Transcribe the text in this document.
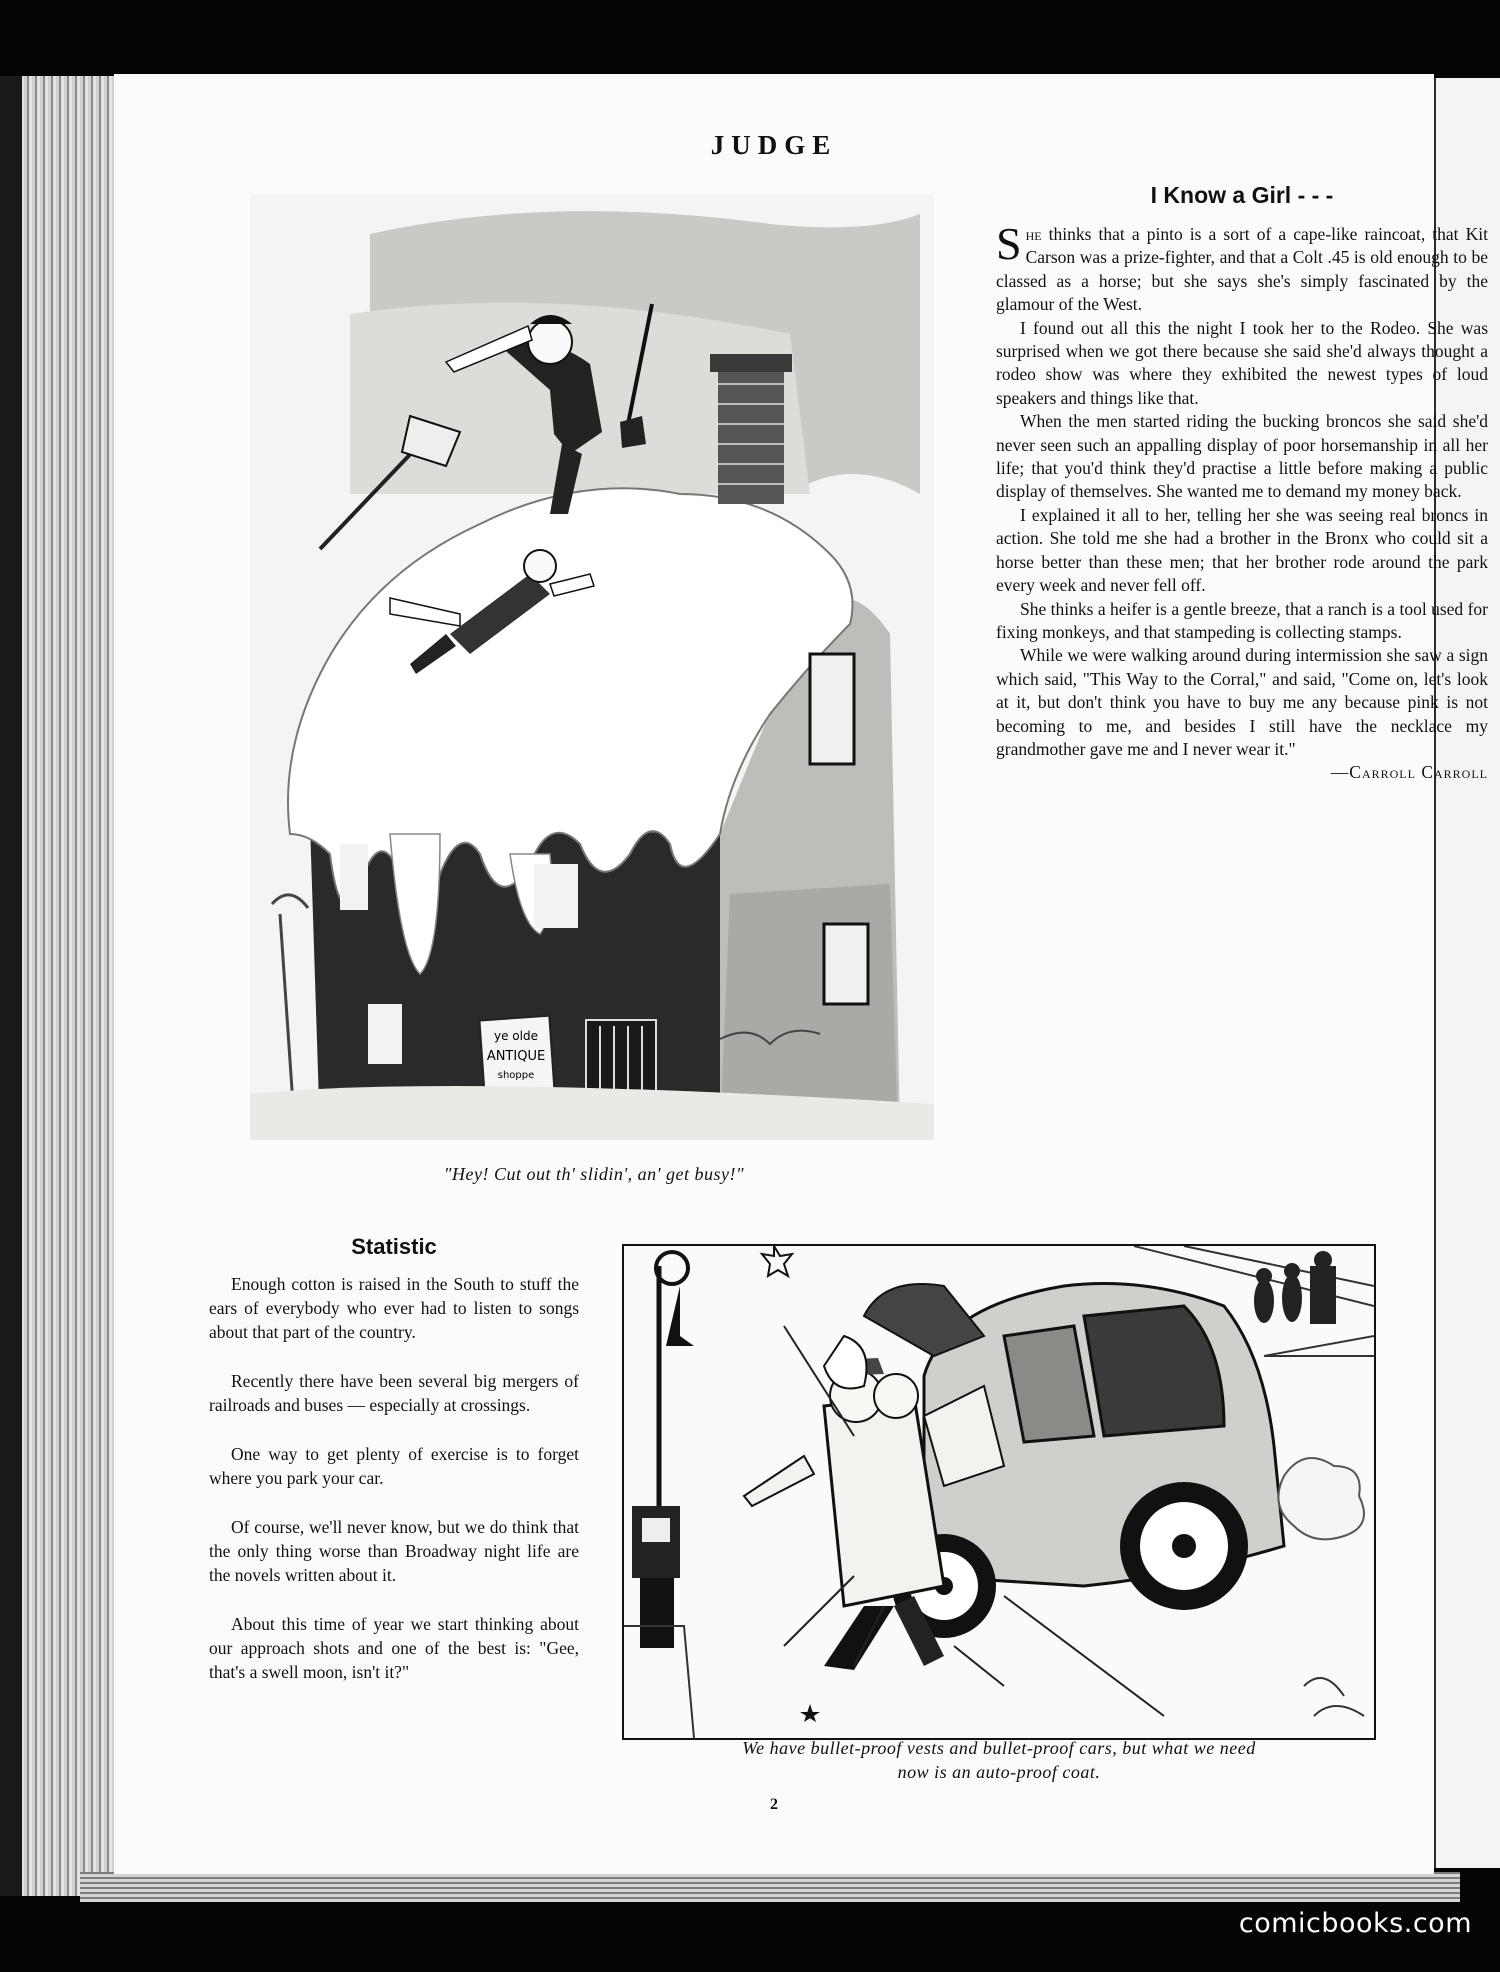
JUDGE
ye olde
ANTIQUE
shoppe
"Hey! Cut out th' slidin', an' get busy!"
I Know a Girl - - -

She thinks that a pinto is a sort of a cape-like raincoat, that Kit Carson was a prize-fighter, and that a Colt .45 is old enough to be classed as a horse; but she says she's simply fascinated by the glamour of the West.

I found out all this the night I took her to the Rodeo. She was surprised when we got there because she said she'd always thought a rodeo show was where they exhibited the newest types of loud speakers and things like that.

When the men started riding the bucking broncos she said she'd never seen such an appalling display of poor horsemanship in all her life; that you'd think they'd practise a little before making a public display of themselves. She wanted me to demand my money back.

I explained it all to her, telling her she was seeing real broncs in action. She told me she had a brother in the Bronx who could sit a horse better than these men; that her brother rode around the park every week and never fell off.

She thinks a heifer is a gentle breeze, that a ranch is a tool used for fixing monkeys, and that stampeding is collecting stamps.

While we were walking around during intermission she saw a sign which said, "This Way to the Corral," and said, "Come on, let's look at it, but don't think you have to buy me any because pink is not becoming to me, and besides I still have the necklace my grandmother gave me and I never wear it."
—Carroll Carroll

Statistic

Enough cotton is raised in the South to stuff the ears of everybody who ever had to listen to songs about that part of the country.

Recently there have been several big mergers of railroads and buses — especially at crossings.

One way to get plenty of exercise is to forget where you park your car.

Of course, we'll never know, but we do think that the only thing worse than Broadway night life are the novels written about it.

About this time of year we start thinking about our approach shots and one of the best is: "Gee, that's a swell moon, isn't it?"

We have bullet-proof vests and bullet-proof cars, but what we need
now is an auto-proof coat.
2
comicbooks.com
